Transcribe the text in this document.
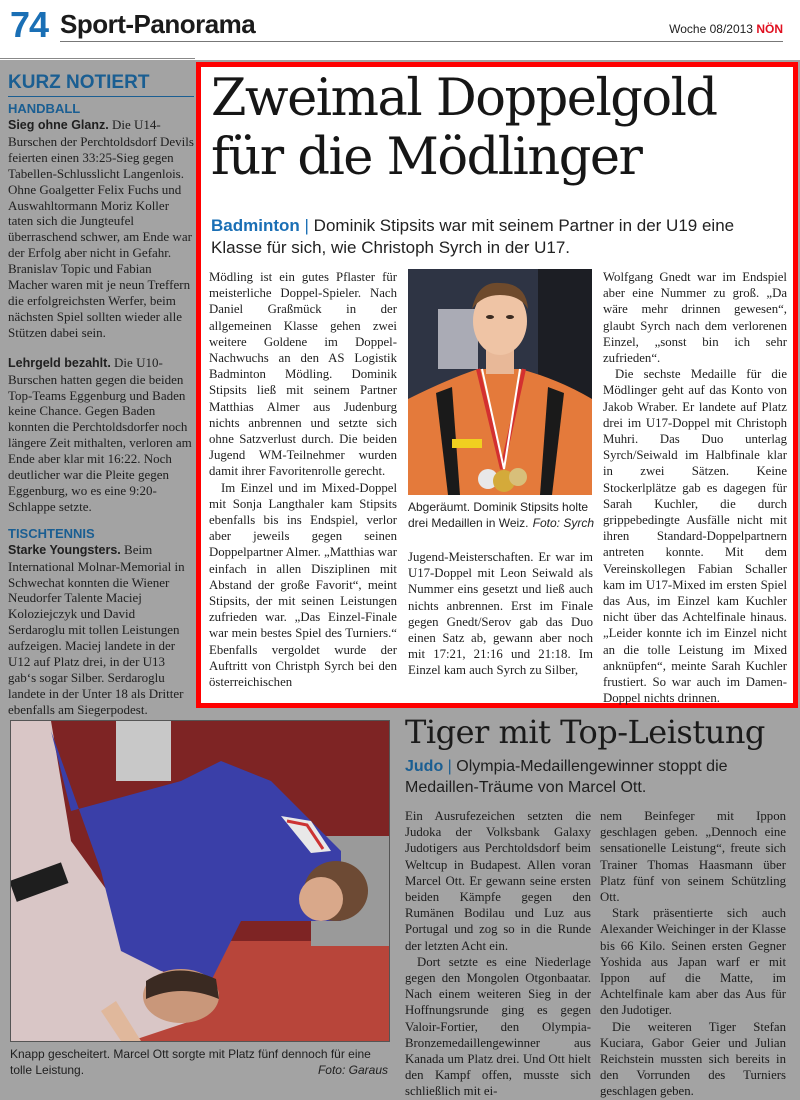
74 Sport-Panorama	Woche 08/2013 NÖN
KURZ NOTIERT
HANDBALL

Sieg ohne Glanz. Die U14-Burschen der Perchtoldsdorf Devils feierten einen 33:25-Sieg gegen Tabellen-Schlusslicht Langenlois. Ohne Goalgetter Felix Fuchs und Auswahltormann Moriz Koller taten sich die Jungteufel überraschend schwer, am Ende war der Erfolg aber nicht in Gefahr. Branislav Topic und Fabian Macher waren mit je neun Treffern die erfolgreichsten Werfer, beim nächsten Spiel sollten wieder alle Stützen dabei sein.

Lehrgeld bezahlt. Die U10-Burschen hatten gegen die beiden Top-Teams Eggenburg und Baden keine Chance. Gegen Baden konnten die Perchtoldsdorfer noch längere Zeit mithalten, verloren am Ende aber klar mit 16:22. Noch deutlicher war die Pleite gegen Eggenburg, wo es eine 9:20-Schlappe setzte.

TISCHTENNIS

Starke Youngsters. Beim International Molnar-Memorial in Schwechat konnten die Wiener Neudorfer Talente Maciej Koloziejczyk und David Serdaroglu mit tollen Leistungen aufzeigen. Maciej landete in der U12 auf Platz drei, in der U13 gab‘s sogar Silber. Serdaroglu landete in der Unter 18 als Dritter ebenfalls am Siegerpodest.

Zweimal Doppelgold
für die Mödlinger
Badminton | Dominik Stipsits war mit seinem Partner in der U19 eine Klasse für sich, wie Christoph Syrch in der U17.

Mödling ist ein gutes Pflaster für meisterliche Doppel-Spieler. Nach Daniel Graßmück in der allgemeinen Klasse gehen zwei weitere Goldene im Doppel-Nachwuchs an den AS Logistik Badminton Mödling. Dominik Stipsits ließ mit seinem Partner Matthias Almer aus Judenburg nichts anbrennen und setzte sich ohne Satzverlust durch. Die beiden Jugend WM-Teilnehmer wurden damit ihrer Favoritenrolle gerecht.

Im Einzel und im Mixed-Doppel mit Sonja Langthaler kam Stipsits ebenfalls bis ins Endspiel, verlor aber jeweils gegen seinen Doppelpartner Almer. „Matthias war einfach in allen Disziplinen mit Abstand der große Favorit“, meint Stipsits, der mit seinen Leistungen zufrieden war. „Das Einzel-Finale war mein bestes Spiel des Turniers.“ Ebenfalls vergoldet wurde der Auftritt von Christph Syrch bei den österreichischen

Abgeräumt. Dominik Stipsits holte drei Medaillen in Weiz. Foto: Syrch

Jugend-Meisterschaften. Er war im U17-Doppel mit Leon Seiwald als Nummer eins gesetzt und ließ auch nichts anbrennen. Erst im Finale gegen Gnedt/Serov gab das Duo einen Satz ab, gewann aber noch mit 17:21, 21:16 und 21:18. Im Einzel kam auch Syrch zu Silber,

Wolfgang Gnedt war im Endspiel aber eine Nummer zu groß. „Da wäre mehr drinnen gewesen“, glaubt Syrch nach dem verlorenen Einzel, „sonst bin ich sehr zufrieden“.

Die sechste Medaille für die Mödlinger geht auf das Konto von Jakob Wraber. Er landete auf Platz drei im U17-Doppel mit Christoph Muhri. Das Duo unterlag Syrch/Seiwald im Halbfinale klar in zwei Sätzen. Keine Stockerlplätze gab es dagegen für Sarah Kuchler, die durch grippebedingte Ausfälle nicht mit ihren Standard-Doppelpartnern antreten konnte. Mit dem Vereinskollegen Fabian Schaller kam im U17-Mixed im ersten Spiel das Aus, im Einzel kam Kuchler nicht über das Achtelfinale hinaus. „Leider konnte ich im Einzel nicht an die tolle Leistung im Mixed anknüpfen“, meinte Sarah Kuchler frustiert. So war auch im Damen-Doppel nichts drinnen.

Knapp gescheitert. Marcel Ott sorgte mit Platz fünf dennoch für eine tolle Leistung.	Foto: Garaus
Tiger mit Top-Leistung
Judo | Olympia-Medaillengewinner stoppt die Medaillen-Träume von Marcel Ott.

Ein Ausrufezeichen setzten die Judoka der Volksbank Galaxy Judotigers aus Perchtoldsdorf beim Weltcup in Budapest. Allen voran Marcel Ott. Er gewann seine ersten beiden Kämpfe gegen den Rumänen Bodilau und Luz aus Portugal und zog so in die Runde der letzten Acht ein.

Dort setzte es eine Niederlage gegen den Mongolen Otgonbaatar. Nach einem weiteren Sieg in der Hoffnungsrunde ging es gegen Valoir-Fortier, den Olympia-Bronzemedaillengewinner aus Kanada um Platz drei. Und Ott hielt den Kampf offen, musste sich schließlich mit ei-

nem Beinfeger mit Ippon geschlagen geben. „Dennoch eine sensationelle Leistung“, freute sich Trainer Thomas Haasmann über Platz fünf von seinem Schützling Ott.

Stark präsentierte sich auch Alexander Weichinger in der Klasse bis 66 Kilo. Seinen ersten Gegner Yoshida aus Japan warf er mit Ippon auf die Matte, im Achtelfinale kam aber das Aus für den Judotiger.

Die weiteren Tiger Stefan Kuciara, Gabor Geier und Julian Reichstein mussten sich bereits in den Vorrunden des Turniers geschlagen geben.
